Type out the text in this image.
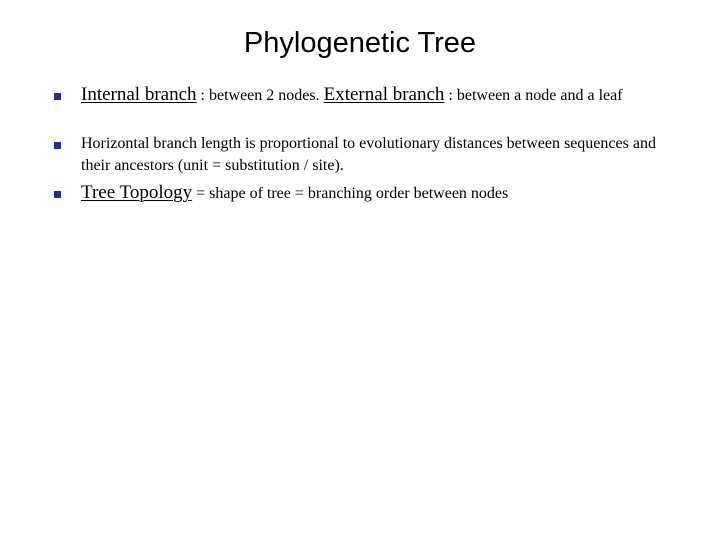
Phylogenetic Tree
Internal branch : between 2 nodes. External branch : between a node and a leaf
Horizontal branch length is proportional to evolutionary distances between sequences and their ancestors (unit = substitution / site).
Tree Topology = shape of tree = branching order between nodes
